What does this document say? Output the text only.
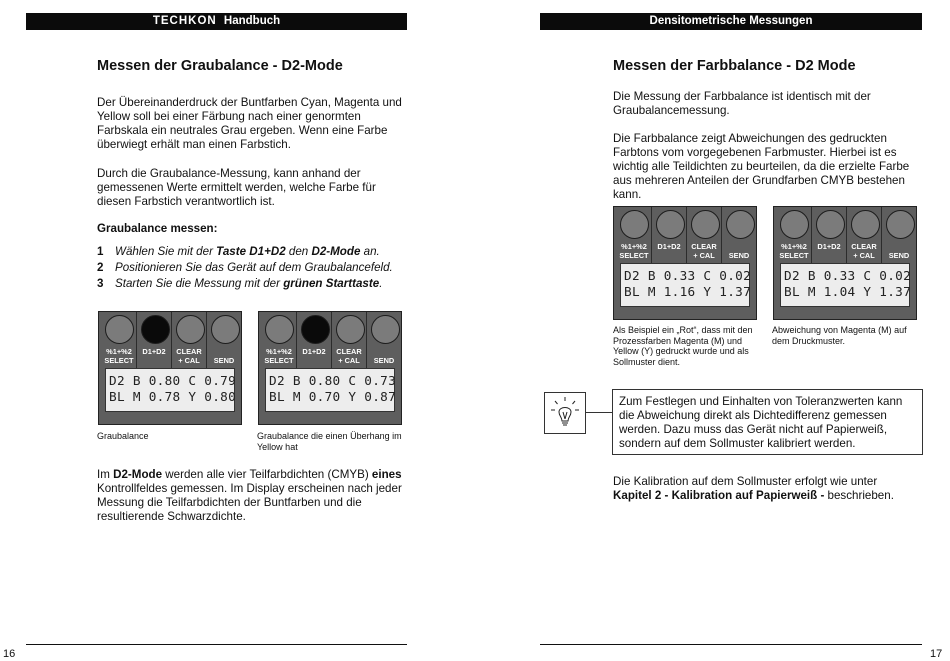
TECHKON Handbuch
Messen der Graubalance - D2-Mode

Der Übereinanderdruck der Buntfarben Cyan, Magenta und Yellow soll bei einer Färbung nach einer genormten Farbskala ein neutrales Grau ergeben. Wenn eine Farbe überwiegt erhält man einen Farbstich.

Durch die Graubalance-Messung, kann anhand der gemessenen Werte ermittelt werden, welche Farbe für diesen Farbstich verantwortlich ist.

Graubalance messen:

1 Wählen Sie mit der Taste D1+D2 den D2-Mode an.
2 Positionieren Sie das Gerät auf dem Graubalancefeld.
3 Starten Sie die Messung mit der grünen Starttaste.
%1+%2
SELECT
D1+D2	CLEAR
+ CAL
	SEND
D2 B 0.80 C 0.79
BL M 0.78 Y 0.80

Graubalance

%1+%2
SELECT
D1+D2	CLEAR
+ CAL
	SEND
D2 B 0.80 C 0.73
BL M 0.70 Y 0.87

Graubalance die einen Überhang im Yellow hat

Im D2-Mode werden alle vier Teilfarbdichten (CMYB) eines Kontrollfeldes gemessen. Im Display erscheinen nach jeder Messung die Teilfarbdichten der Buntfarben und die resultierende Schwarzdichte.

16
Densitometrische Messungen
Messen der Farbbalance - D2 Mode

Die Messung der Farbbalance ist identisch mit der Graubalancemessung.

Die Farbbalance zeigt Abweichungen des gedruckten Farbtons vom vorgegebenen Farbmuster. Hierbei ist es wichtig alle Teildichten zu beurteilen, da die erzielte Farbe aus mehreren Anteilen der Grundfarben CMYB bestehen kann.

%1+%2
SELECT
D1+D2	CLEAR
+ CAL
	SEND
D2 B 0.33 C 0.02
BL M 1.16 Y 1.37

Als Beispiel ein „Rot“, dass mit den Prozessfarben Magenta (M) und Yellow (Y) gedruckt wurde und als Sollmuster dient.

%1+%2
SELECT
D1+D2	CLEAR
+ CAL
	SEND
D2 B 0.33 C 0.02
BL M 1.04 Y 1.37

Abweichung von Magenta (M) auf dem Druckmuster.

Die Kalibration auf dem Sollmuster erfolgt wie unter Kapitel 2 - Kalibration auf Papierweiß - beschrieben.

17
Zum Festlegen und Einhalten von Toleranzwerten kann die Abweichung direkt als Dichtedifferenz gemessen werden. Dazu muss das Gerät nicht auf Papierweiß, sondern auf dem Sollmuster kalibriert werden.
